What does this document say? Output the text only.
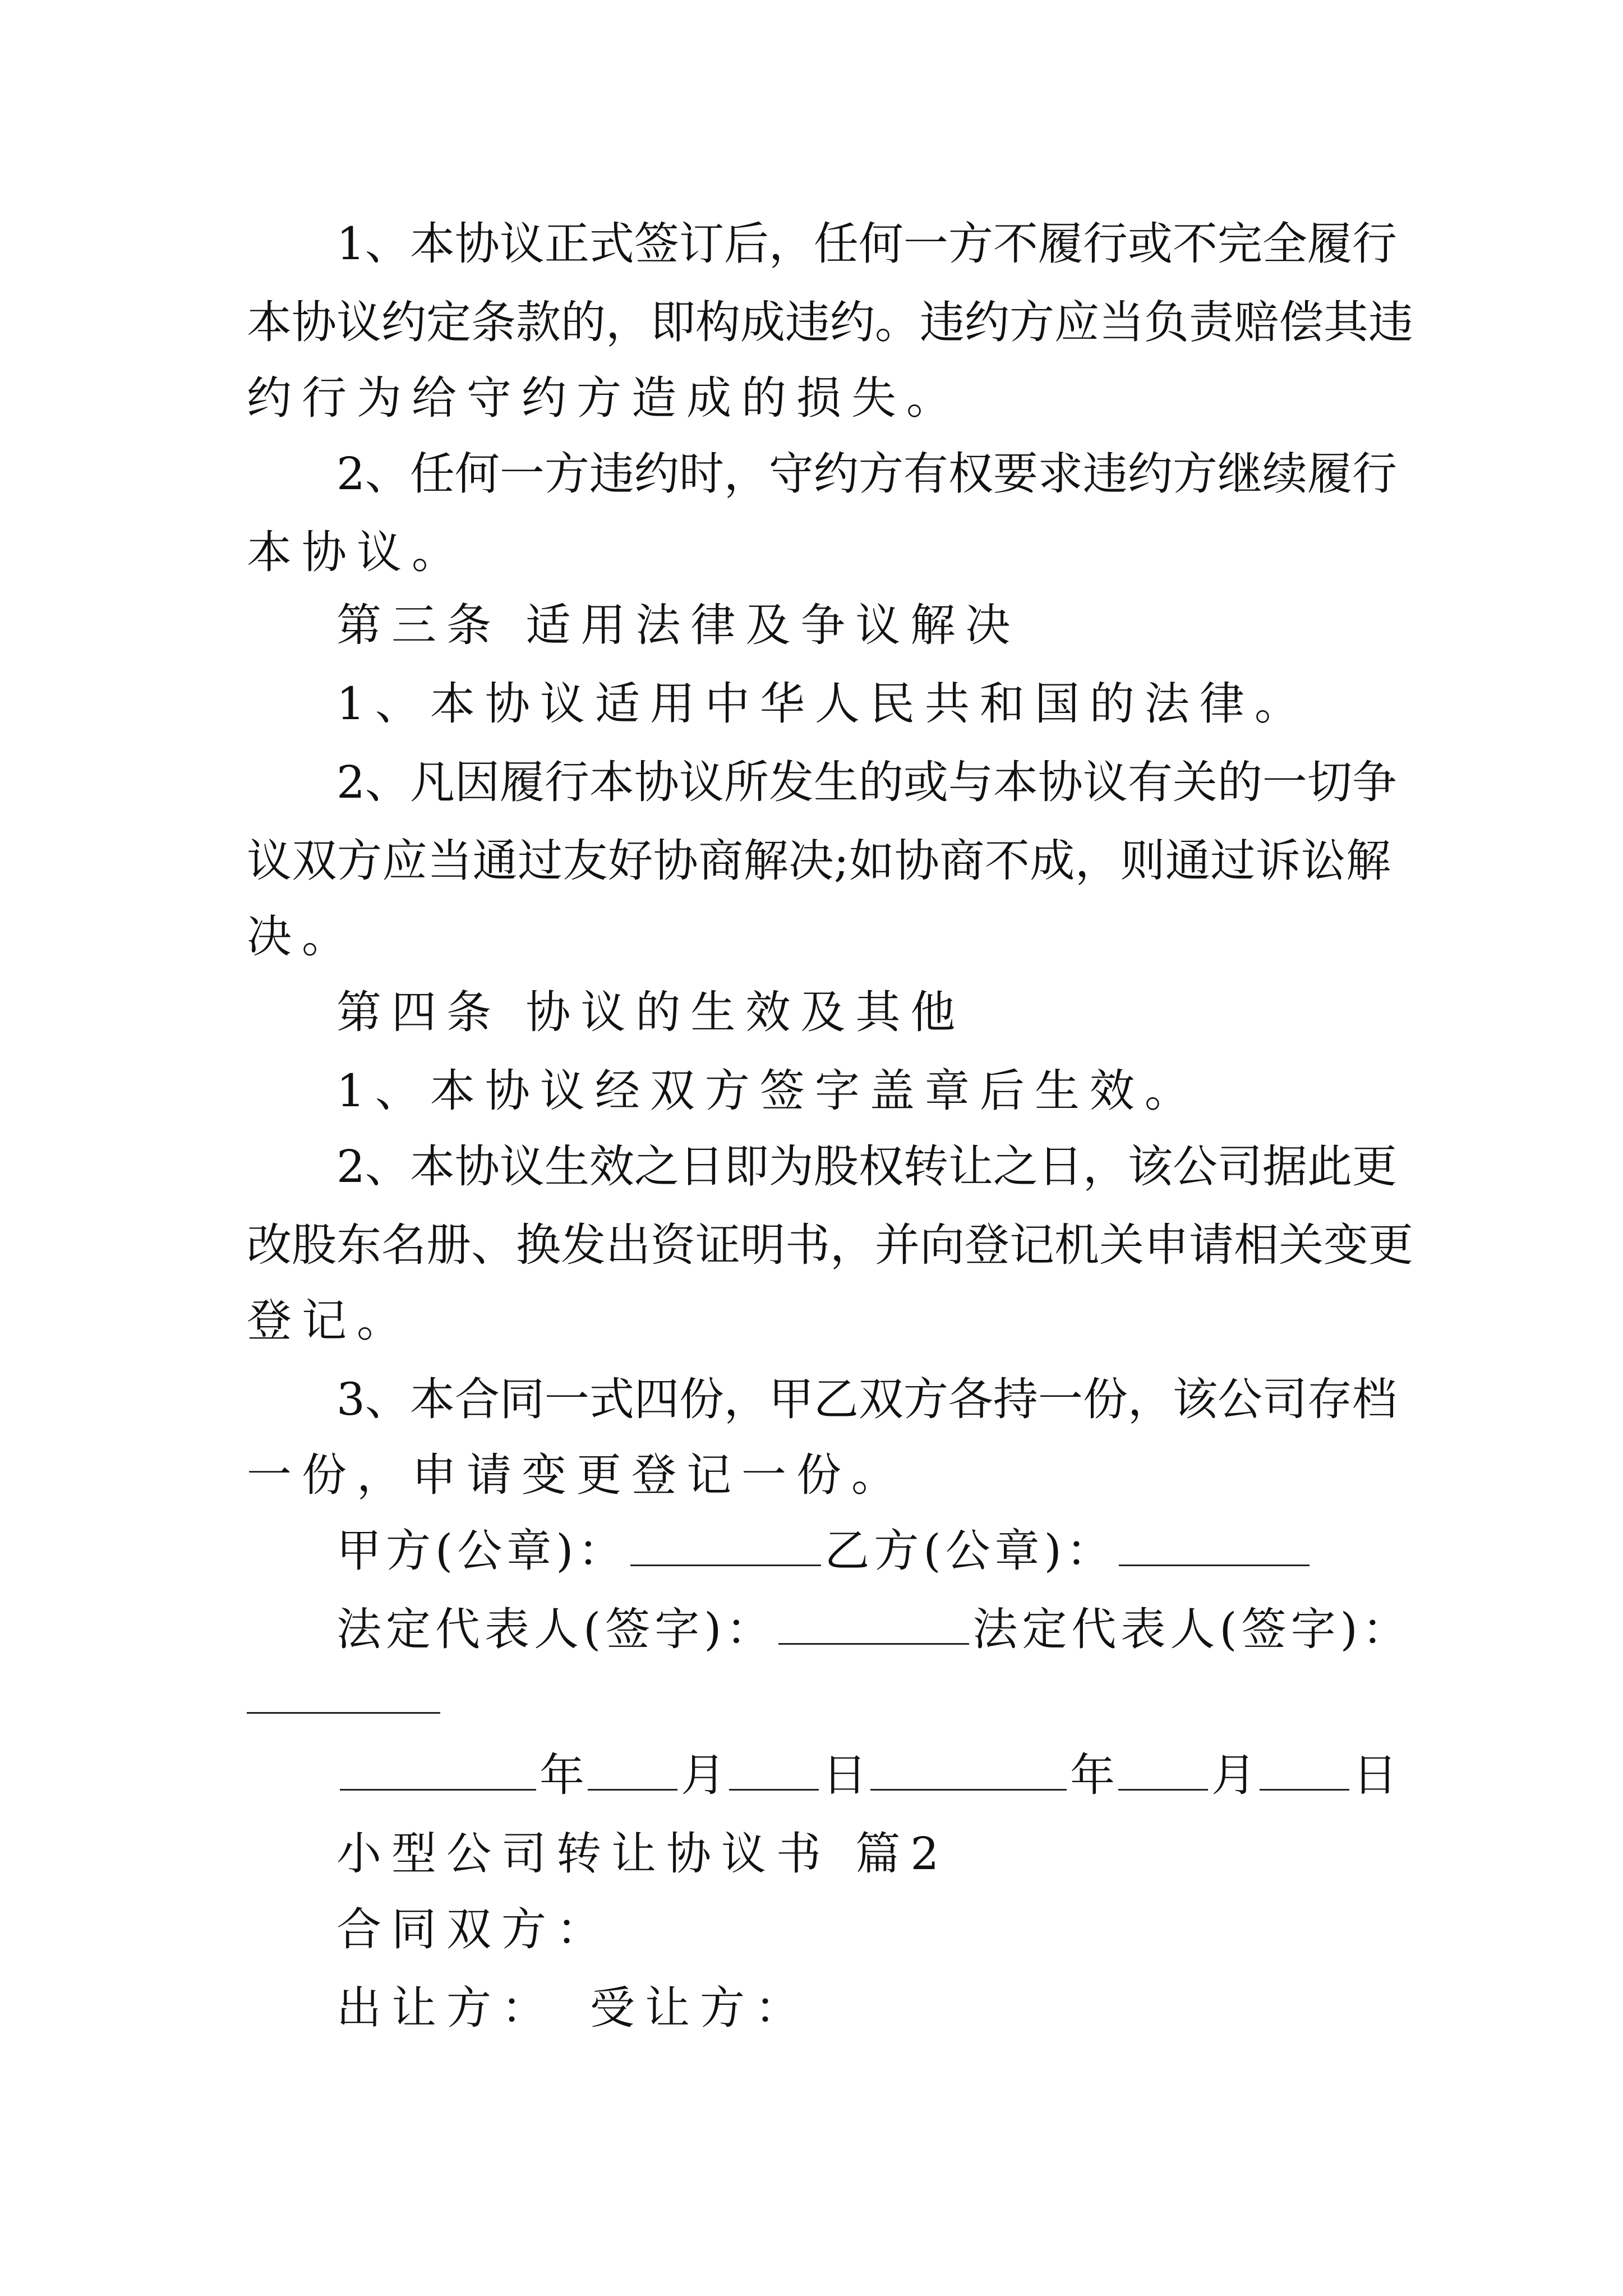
1、本协议正式签订后，任何一方不履行或不完全履行
本协议约定条款的，即构成违约。违约方应当负责赔偿其违
约行为给守约方造成的损失。
2、任何一方违约时，守约方有权要求违约方继续履行
本协议。
第三条 适用法律及争议解决
1、本协议适用中华人民共和国的法律。
2、凡因履行本协议所发生的或与本协议有关的一切争
议双方应当通过友好协商解决;如协商不成，则通过诉讼解
决。
第四条 协议的生效及其他
1、本协议经双方签字盖章后生效。
2、本协议生效之日即为股权转让之日，该公司据此更
改股东名册、换发出资证明书，并向登记机关申请相关变更
登记。
3、本合同一式四份，甲乙双方各持一份，该公司存档
一份，申请变更登记一份。
甲方(公章)：	乙方(公章)：
法定代表人(签字)：	法定代表人(签字)：
年 月 日	年 月 日
小型公司转让协议书 篇2
合同双方：
出让方： 受让方：
